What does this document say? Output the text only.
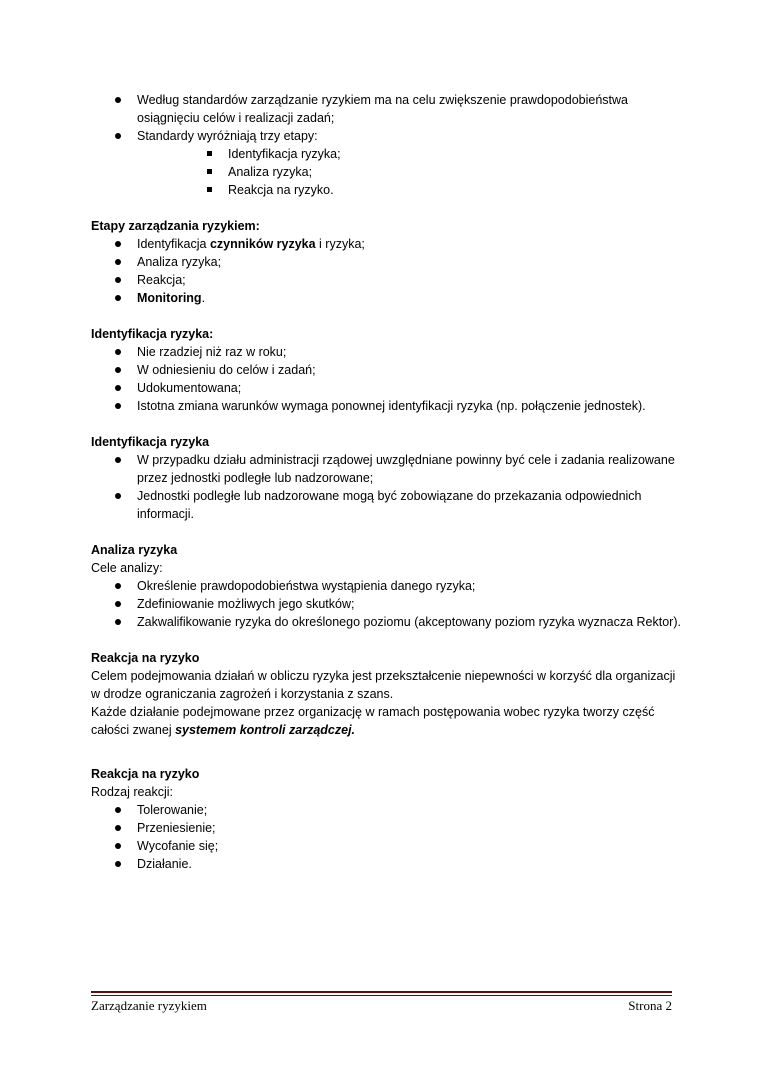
Według standardów zarządzanie ryzykiem ma na celu zwiększenie prawdopodobieństwa osiągnięciu celów i realizacji zadań;
Standardy wyróżniają trzy etapy:
Identyfikacja ryzyka;
Analiza ryzyka;
Reakcja na ryzyko.
Etapy zarządzania ryzykiem:
Identyfikacja czynników ryzyka i ryzyka;
Analiza ryzyka;
Reakcja;
Monitoring.
Identyfikacja ryzyka:
Nie rzadziej niż raz w roku;
W odniesieniu do celów i zadań;
Udokumentowana;
Istotna zmiana warunków wymaga ponownej identyfikacji ryzyka (np. połączenie jednostek).
Identyfikacja ryzyka
W przypadku działu administracji rządowej uwzględniane powinny być cele i zadania realizowane przez jednostki podległe lub nadzorowane;
Jednostki podległe lub nadzorowane mogą być zobowiązane do przekazania odpowiednich informacji.
Analiza ryzyka

Cele analizy:

Określenie prawdopodobieństwa wystąpienia danego ryzyka;
Zdefiniowanie możliwych jego skutków;
Zakwalifikowanie ryzyka do określonego poziomu (akceptowany poziom ryzyka wyznacza Rektor).
Reakcja na ryzyko

Celem podejmowania działań w obliczu ryzyka jest przekształcenie niepewności w korzyść dla organizacji w drodze ograniczania zagrożeń i korzystania z szans.

Każde działanie podejmowane przez organizację w ramach postępowania wobec ryzyka tworzy część całości zwanej systemem kontroli zarządczej.

Reakcja na ryzyko

Rodzaj reakcji:

Tolerowanie;
Przeniesienie;
Wycofanie się;
Działanie.
Zarządzanie ryzykiem	Strona 2
